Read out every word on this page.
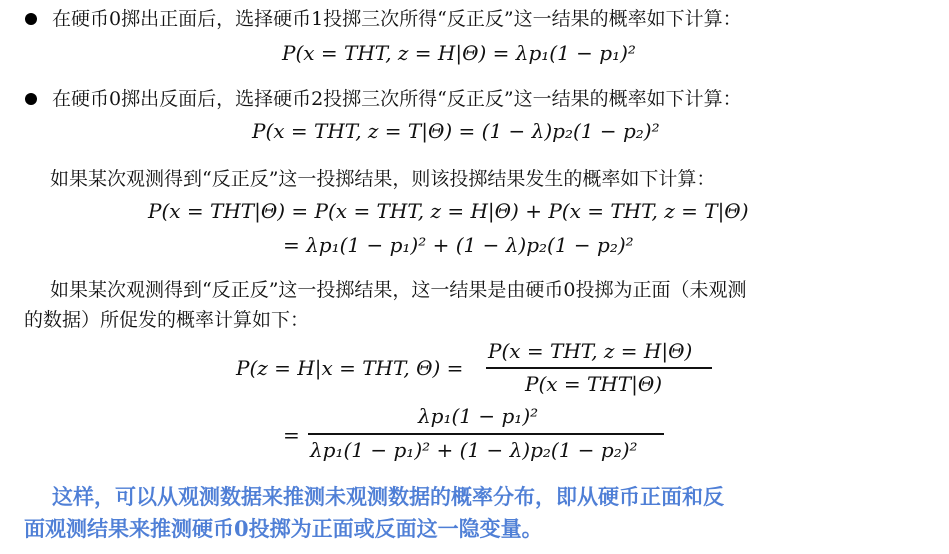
在硬币0掷出正面后，选择硬币1投掷三次所得“反正反”这一结果的概率如下计算：
P(x = THT, z = H|Θ) = λp₁(1 − p₁)²
在硬币0掷出反面后，选择硬币2投掷三次所得“反正反”这一结果的概率如下计算：
P(x = THT, z = T|Θ) = (1 − λ)p₂(1 − p₂)²
如果某次观测得到“反正反”这一投掷结果，则该投掷结果发生的概率如下计算：
P(x = THT|Θ) = P(x = THT, z = H|Θ) + P(x = THT, z = T|Θ)
= λp₁(1 − p₁)² + (1 − λ)p₂(1 − p₂)²
如果某次观测得到“反正反”这一投掷结果，这一结果是由硬币0投掷为正面（未观测
的数据）所促发的概率计算如下：
P(z = H|x = THT, Θ) =
P(x = THT, z = H|Θ)
P(x = THT|Θ)
=
λp₁(1 − p₁)²
λp₁(1 − p₁)² + (1 − λ)p₂(1 − p₂)²
这样，可以从观测数据来推测未观测数据的概率分布，即从硬币正面和反
面观测结果来推测硬币0投掷为正面或反面这一隐变量。
